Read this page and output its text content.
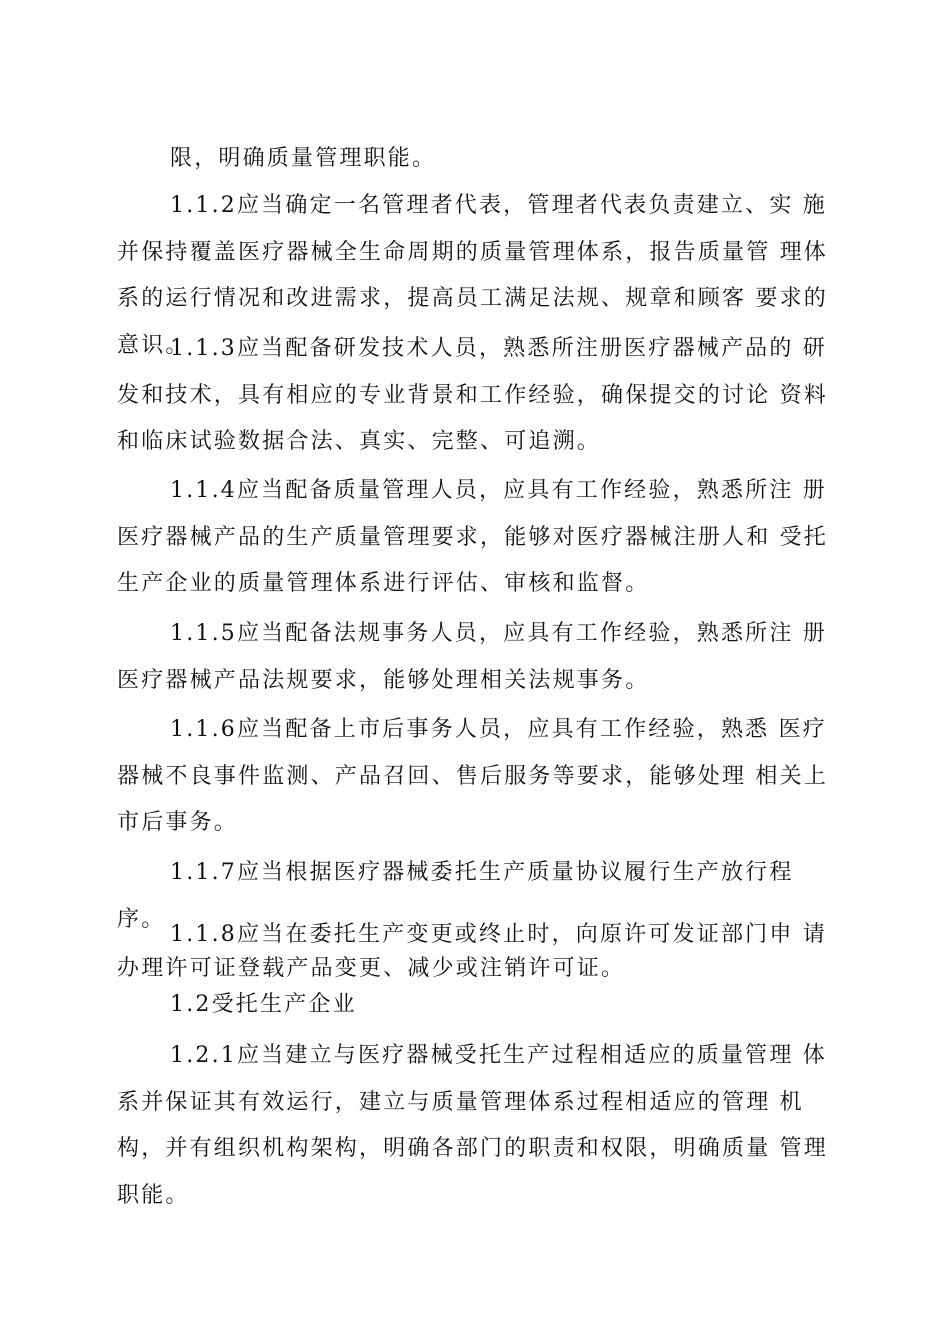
限，明确质量管理职能。

1.1.2应当确定一名管理者代表，管理者代表负责建立、实 施并保持覆盖医疗器械全生命周期的质量管理体系，报告质量管 理体系的运行情况和改进需求，提高员工满足法规、规章和顾客 要求的意识。

1.1.3应当配备研发技术人员，熟悉所注册医疗器械产品的 研发和技术，具有相应的专业背景和工作经验，确保提交的讨论 资料和临床试验数据合法、真实、完整、可追溯。

1.1.4应当配备质量管理人员，应具有工作经验，熟悉所注 册医疗器械产品的生产质量管理要求，能够对医疗器械注册人和 受托生产企业的质量管理体系进行评估、审核和监督。

1.1.5应当配备法规事务人员，应具有工作经验，熟悉所注 册医疗器械产品法规要求，能够处理相关法规事务。

1.1.6应当配备上市后事务人员，应具有工作经验，熟悉 医疗器械不良事件监测、产品召回、售后服务等要求，能够处理 相关上市后事务。

1.1.7应当根据医疗器械委托生产质量协议履行生产放行程 序。

1.1.8应当在委托生产变更或终止时，向原许可发证部门申 请办理许可证登载产品变更、减少或注销许可证。

1.2受托生产企业

1.2.1应当建立与医疗器械受托生产过程相适应的质量管理 体系并保证其有效运行，建立与质量管理体系过程相适应的管理 机构，并有组织机构架构，明确各部门的职责和权限，明确质量 管理职能。
